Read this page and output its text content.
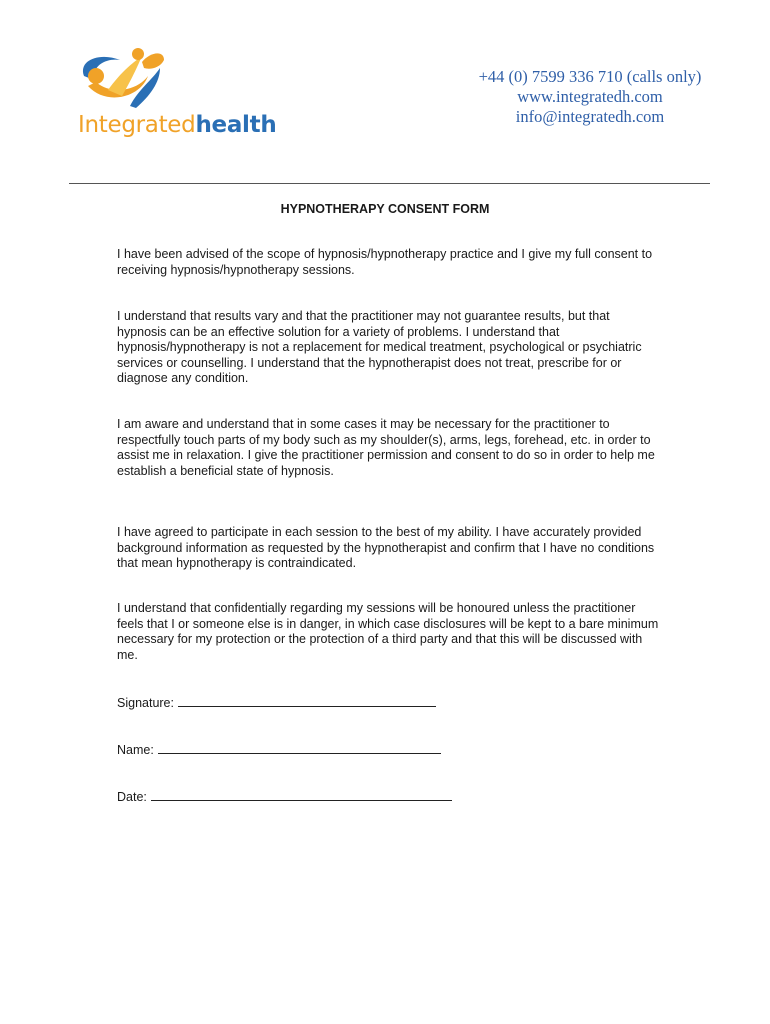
Integratedhealth
+44 (0) 7599 336 710 (calls only)
www.integratedh.com
info@integratedh.com
HYPNOTHERAPY CONSENT FORM

I have been advised of the scope of hypnosis/hypnotherapy practice and I give my full consent to receiving hypnosis/hypnotherapy sessions.

I understand that results vary and that the practitioner may not guarantee results, but that hypnosis can be an effective solution for a variety of problems. I understand that hypnosis/hypnotherapy is not a replacement for medical treatment, psychological or psychiatric services or counselling. I understand that the hypnotherapist does not treat, prescribe for or diagnose any condition.

I am aware and understand that in some cases it may be necessary for the practitioner to respectfully touch parts of my body such as my shoulder(s), arms, legs, forehead, etc. in order to assist me in relaxation. I give the practitioner permission and consent to do so in order to help me establish a beneficial state of hypnosis.

I have agreed to participate in each session to the best of my ability. I have accurately provided background information as requested by the hypnotherapist and confirm that I have no conditions that mean hypnotherapy is contraindicated.

I understand that confidentially regarding my sessions will be honoured unless the practitioner feels that I or someone else is in danger, in which case disclosures will be kept to a bare minimum necessary for my protection or the protection of a third party and that this will be discussed with me.

Signature:
Name:
Date:
